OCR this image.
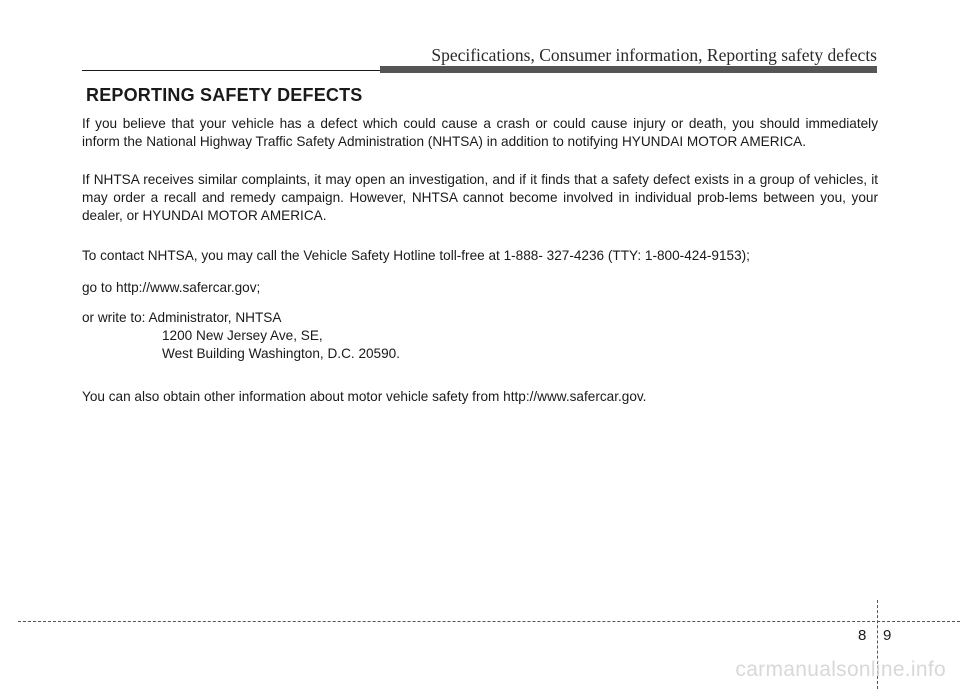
Specifications, Consumer information, Reporting safety defects
REPORTING SAFETY DEFECTS

If you believe that your vehicle has a defect which could cause a crash or could cause injury or death, you should immediately inform the National Highway Traffic Safety Administration (NHTSA) in addition to notifying HYUNDAI MOTOR AMERICA.

If NHTSA receives similar complaints, it may open an investigation, and if it finds that a safety defect exists in a group of vehicles, it may order a recall and remedy campaign. However, NHTSA cannot become involved in individual prob-lems between you, your dealer, or HYUNDAI MOTOR AMERICA.

To contact NHTSA, you may call the Vehicle Safety Hotline toll-free at 1-888- 327-4236 (TTY: 1-800-424-9153);

go to http://www.safercar.gov;

or write to: Administrator, NHTSA

1200 New Jersey Ave, SE,

West Building Washington, D.C. 20590.

You can also obtain other information about motor vehicle safety from http://www.safercar.gov.

8 9
carmanualsonline.info
